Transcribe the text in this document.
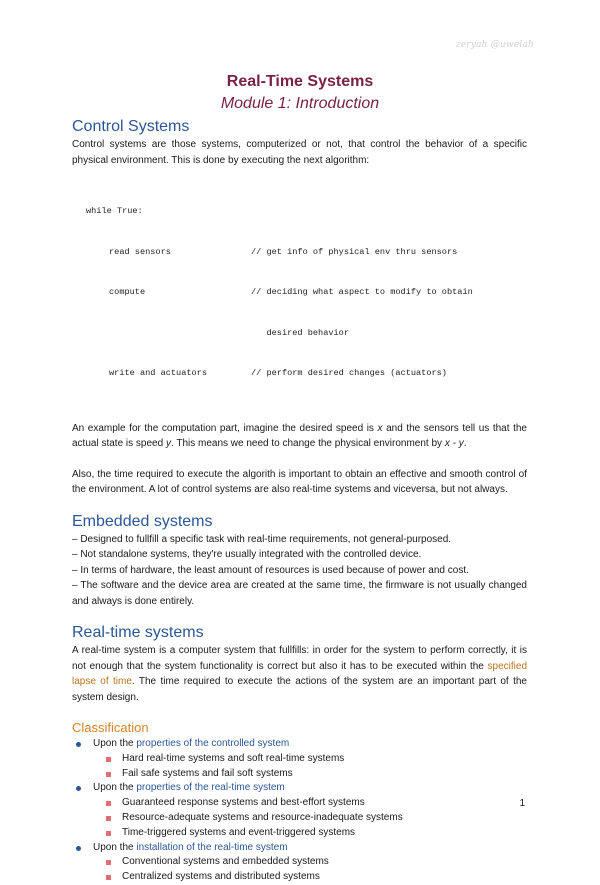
zeryah @uwelah
Real-Time Systems
Module 1: Introduction
Control Systems

Control systems are those systems, computerized or not, that control the behavior of a specific physical environment. This is done by executing the next algorithm:

while True:

read sensors	// get info of physical env thru sensors

compute	// deciding what aspect to modify to obtain

desired behavior

write and actuators	// perform desired changes (actuators)

An example for the computation part, imagine the desired speed is x and the sensors tell us that the actual state is speed y. This means we need to change the physical environment by x - y.

Also, the time required to execute the algorith is important to obtain an effective and smooth control of the environment. A lot of control systems are also real-time systems and viceversa, but not always.

Embedded systems

– Designed to fullfill a specific task with real-time requirements, not general-purposed.

– Not standalone systems, they're usually integrated with the controlled device.

– In terms of hardware, the least amount of resources is used because of power and cost.

– The software and the device area are created at the same time, the firmware is not usually changed and always is done entirely.

Real-time systems

A real-time system is a computer system that fullfills: in order for the system to perform correctly, it is not enough that the system functionality is correct but also it has to be executed within the specified lapse of time. The time required to execute the actions of the system are an important part of the system design.

Classification
Upon the properties of the controlled system
Hard real-time systems and soft real-time systems
Fail safe systems and fail soft systems
Upon the properties of the real-time system
Guaranteed response systems and best-effort systems
Resource-adequate systems and resource-inadequate systems
Time-triggered systems and event-triggered systems
Upon the installation of the real-time system
Conventional systems and embedded systems
Centralized systems and distributed systems
1
